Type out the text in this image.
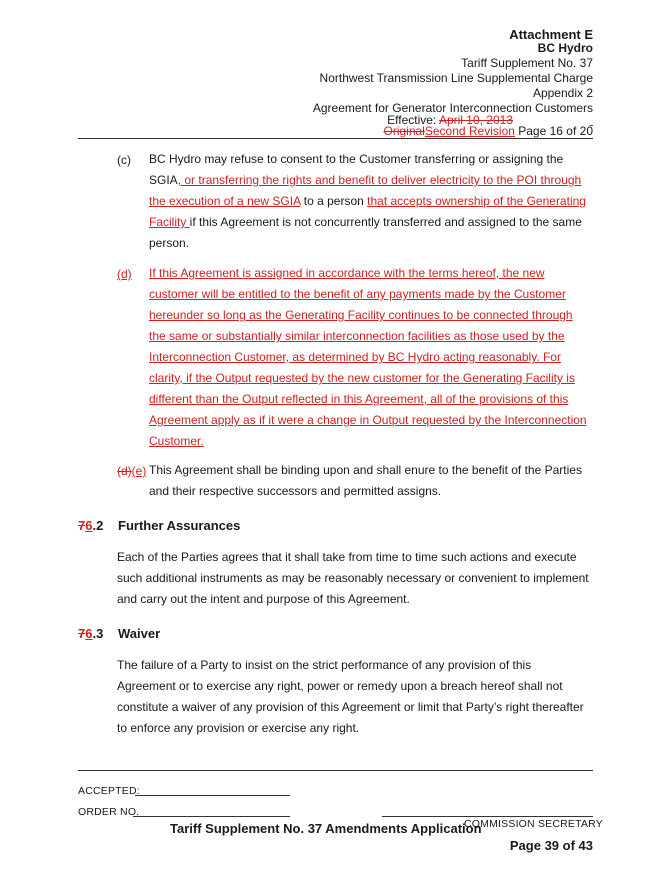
Attachment E
BC Hydro
Tariff Supplement No. 37
Northwest Transmission Line Supplemental Charge
Appendix 2
Agreement for Generator Interconnection Customers
Effective: April 10, 2013
OriginalSecond Revision Page 16 of 20
(c) BC Hydro may refuse to consent to the Customer transferring or assigning the SGIA, or transferring the rights and benefit to deliver electricity to the POI through the execution of a new SGIA to a person that accepts ownership of the Generating Facility if this Agreement is not concurrently transferred and assigned to the same person.
(d) If this Agreement is assigned in accordance with the terms hereof, the new customer will be entitled to the benefit of any payments made by the Customer hereunder so long as the Generating Facility continues to be connected through the same or substantially similar interconnection facilities as those used by the Interconnection Customer, as determined by BC Hydro acting reasonably. For clarity, if the Output requested by the new customer for the Generating Facility is different than the Output reflected in this Agreement, all of the provisions of this Agreement apply as if it were a change in Output requested by the Interconnection Customer.
(d)(e) This Agreement shall be binding upon and shall enure to the benefit of the Parties and their respective successors and permitted assigns.
76.2 Further Assurances
Each of the Parties agrees that it shall take from time to time such actions and execute such additional instruments as may be reasonably necessary or convenient to implement and carry out the intent and purpose of this Agreement.
76.3 Waiver
The failure of a Party to insist on the strict performance of any provision of this Agreement or to exercise any right, power or remedy upon a breach hereof shall not constitute a waiver of any provision of this Agreement or limit that Party’s right thereafter to enforce any provision or exercise any right.
ACCEPTED:
ORDER NO.
COMMISSION SECRETARY
Tariff Supplement No. 37 Amendments Application
Page 39 of 43
